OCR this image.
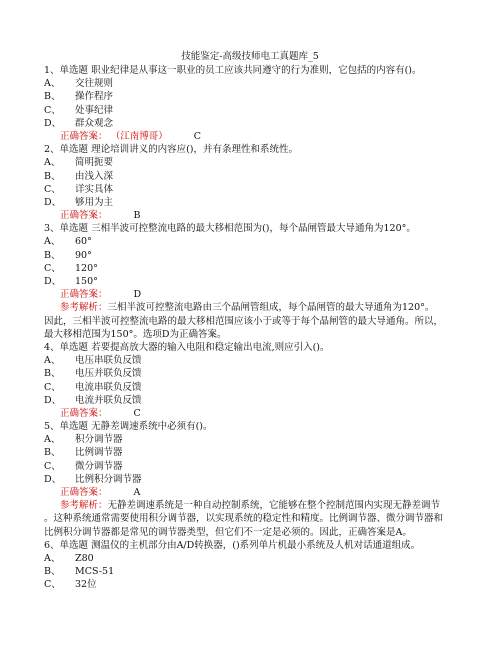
技能鉴定-高级技师电工真题库_5
1、单选题 职业纪律是从事这一职业的员工应该共同遵守的行为准则，它包括的内容有()。
A、 交往规则
B、 操作程序
C、 处事纪律
D、 群众观念
正确答案： （江南博哥）	C
2、单选题 理论培训讲义的内容应()，并有条理性和系统性。
A、 简明扼要
B、 由浅入深
C、 详实具体
D、 够用为主
正确答案：	B
3、单选题 三相半波可控整流电路的最大移相范围为()，每个晶闸管最大导通角为120°。
A、 60°
B、 90°
C、 120°
D、 150°
正确答案：	D
参考解析：三相半波可控整流电路由三个晶闸管组成，每个晶闸管的最大导通角为120°。
因此，三相半波可控整流电路的最大移相范围应该小于或等于每个晶闸管的最大导通角。所以，
最大移相范围为150°。选项D为正确答案。
4、单选题 若要提高放大器的输入电阻和稳定输出电流,则应引入()。
A、 电压串联负反馈
B、 电压并联负反馈
C、 电流串联负反馈
D、 电流并联负反馈
正确答案：	C
5、单选题 无静差调速系统中必须有()。
A、 积分调节器
B、 比例调节器
C、 微分调节器
D、 比例积分调节器
正确答案：	A
参考解析：无静差调速系统是一种自动控制系统，它能够在整个控制范围内实现无静差调节
。这种系统通常需要使用积分调节器，以实现系统的稳定性和精度。比例调节器、微分调节器和
比例积分调节器都是常见的调节器类型，但它们不一定是必须的。因此，正确答案是A。
6、单选题 测温仪的主机部分由A/D转换器，()系列单片机最小系统及人机对话通道组成。
A、 Z80
B、 MCS-51
C、 32位
